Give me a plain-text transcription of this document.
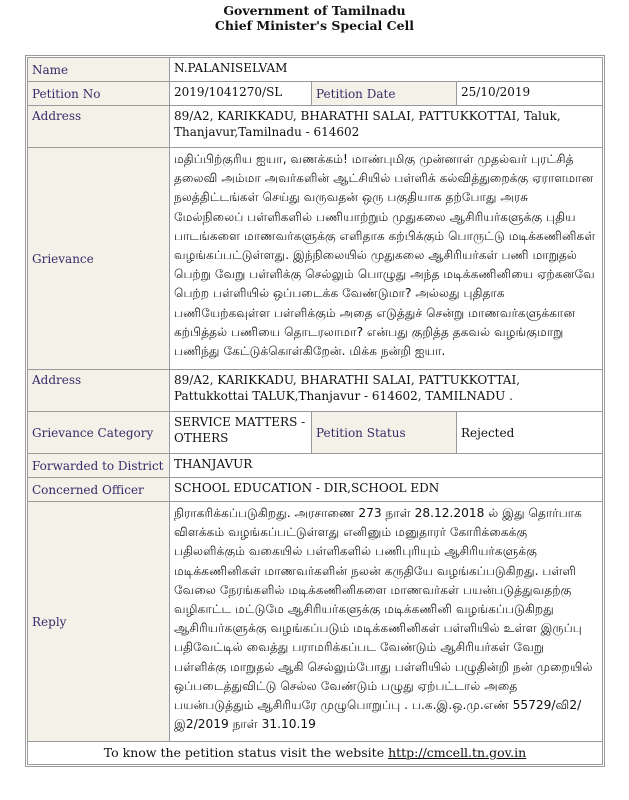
Government of Tamilnadu
Chief Minister's Special Cell
Name	N.PALANISELVAM		
Petition No	2019/1041270/SL	Petition Date	25/10/2019
Address	89/A2, KARIKKADU, BHARATHI SALAI, PATTUKKOTTAI, Taluk, Thanjavur,Tamilnadu - 614602		
Grievance	மதிப்பிற்குரிய ஐயா, வணக்கம்! மாண்புமிகு முன்னாள் முதல்வர் புரட்சித் தலைவி அம்மா அவர்களின் ஆட்சியில் பள்ளிக் கல்வித்துறைக்கு ஏராளமான நலத்திட்டங்கள் செய்து வருவதன் ஒரு பகுதியாக தற்போது அரசு மேல்நிலைப் பள்ளிகளில் பணியாற்றும் முதுகலை ஆசிரியர்களுக்கு புதிய பாடங்களை மாணவர்களுக்கு எளிதாக கற்பிக்கும் பொருட்டு மடிக்கணினிகள் வழங்கப்பட்டுள்ளது. இந்நிலையில் முதுகலை ஆசிரியர்கள் பணி மாறுதல் பெற்று வேறு பள்ளிக்கு செல்லும் பொழுது அந்த மடிக்கணினியை ஏற்கனவே பெற்ற பள்ளியில் ஒப்படைக்க வேண்டுமா? அல்லது புதிதாக பணியேற்கவுள்ள பள்ளிக்கும் அதை எடுத்துச் சென்று மாணவர்களுக்கான கற்பித்தல் பணியை தொடரலாமா? என்பது குறித்த தகவல் வழங்குமாறு பணிந்து கேட்டுக்கொள்கிறேன். மிக்க நன்றி ஐயா.		
Address	89/A2, KARIKKADU, BHARATHI SALAI, PATTUKKOTTAI, Pattukkottai TALUK,Thanjavur - 614602, TAMILNADU .		
Grievance Category	SERVICE MATTERS - OTHERS	Petition Status	Rejected
Forwarded to District	THANJAVUR		
Concerned Officer	SCHOOL EDUCATION - DIR,SCHOOL EDN		
Reply	நிராகரிக்கப்படுகிறது. அரசாணை 273 நாள் 28.12.2018 ல் இது தொர்பாக விளக்கம் வழங்கப்பட்டுள்ளது எனினும் மனுதாரர் கோரிக்கைக்கு பதிலளிக்கும் வகையில் பள்ளிகளில் பணிபுரியும் ஆசிரியர்களுக்கு மடிக்கணினிகள் மாணவர்களின் நலன் கருதியே வழங்கப்படுகிறது. பள்ளி வேலை நேரங்களில் மடிக்கணினிகளை மாணவர்கள் பயன்படுத்துவதற்கு வழிகாட்ட மட்டுமே ஆசிரியர்களுக்கு மடிக்கணினி வழங்கப்படுகிறது ஆசிரியர்களுக்கு வழங்கப்படும் மடிக்கணினிகள் பள்ளியில் உள்ள இருப்பு பதிவேட்டில் வைத்து பராமரிக்கப்பட வேண்டும் ஆசிரியர்கள் வேறு பள்ளிக்கு மாறுதல் ஆகி செல்லும்போது பள்ளியில் பழுதின்றி நன் முறையில் ஒப்படைத்துவிட்டு செல்ல வேண்டும் பழுது ஏற்பட்டால் அதை பயன்படுத்தும் ஆசிரியரே முழுபொறுப்பு . ப.க.இ.ஒ.மு.எண் 55729/வி2/இ2/2019 நாள் 31.10.19		
To know the petition status visit the website http://cmcell.tn.gov.in			
